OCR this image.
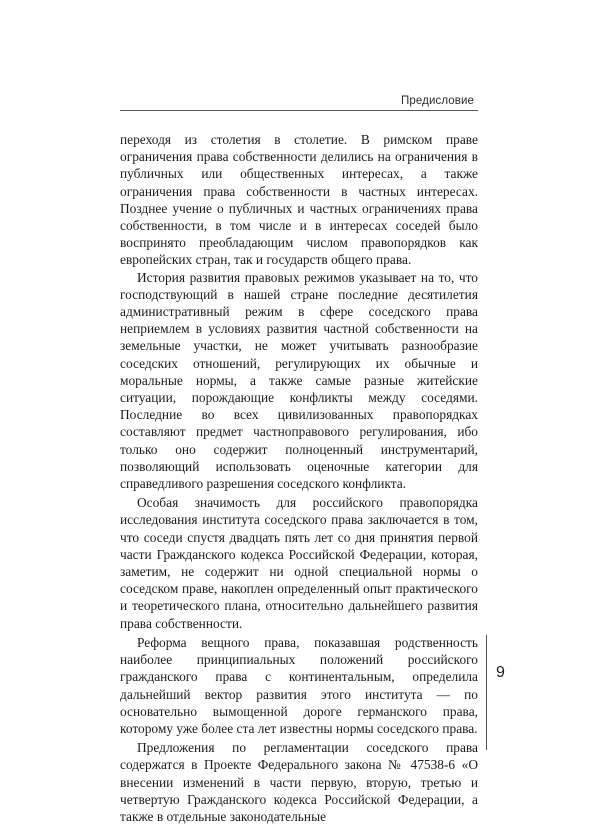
Предисловие

переходя из столетия в столетие. В римском праве ограничения права собственности делились на ограничения в публичных или общественных интересах, а также ограничения права собственности в частных интересах. Позднее учение о публичных и частных ограничениях права собственности, в том числе и в интересах соседей было воспринято преобладающим числом правопорядков как европейских стран, так и государств общего права.

История развития правовых режимов указывает на то, что господствующий в нашей стране последние десятилетия административный режим в сфере соседского права неприемлем в условиях развития частной собственности на земельные участки, не может учитывать разнообразие соседских отношений, регулирующих их обычные и моральные нормы, а также самые разные житейские ситуации, порождающие конфликты между соседями. Последние во всех цивилизованных правопорядках составляют предмет частноправового регулирования, ибо только оно содержит полноценный инструментарий, позволяющий использовать оценочные категории для справедливого разрешения соседского конфликта.

Особая значимость для российского правопорядка исследования института соседского права заключается в том, что соседи спустя двадцать пять лет со дня принятия первой части Гражданского кодекса Российской Федерации, которая, заметим, не содержит ни одной специальной нормы о соседском праве, накоплен определенный опыт практического и теоретического плана, относительно дальнейшего развития права собственности.

Реформа вещного права, показавшая родственность наиболее принципиальных положений российского гражданского права с континентальным, определила дальнейший вектор развития этого института — по основательно вымощенной дороге германского права, которому уже более ста лет известны нормы соседского права.

Предложения по регламентации соседского права содержатся в Проекте Федерального закона № 47538-6 «О внесении изменений в части первую, вторую, третью и четвертую Гражданского кодекса Российской Федерации, а также в отдельные законодательные

9
